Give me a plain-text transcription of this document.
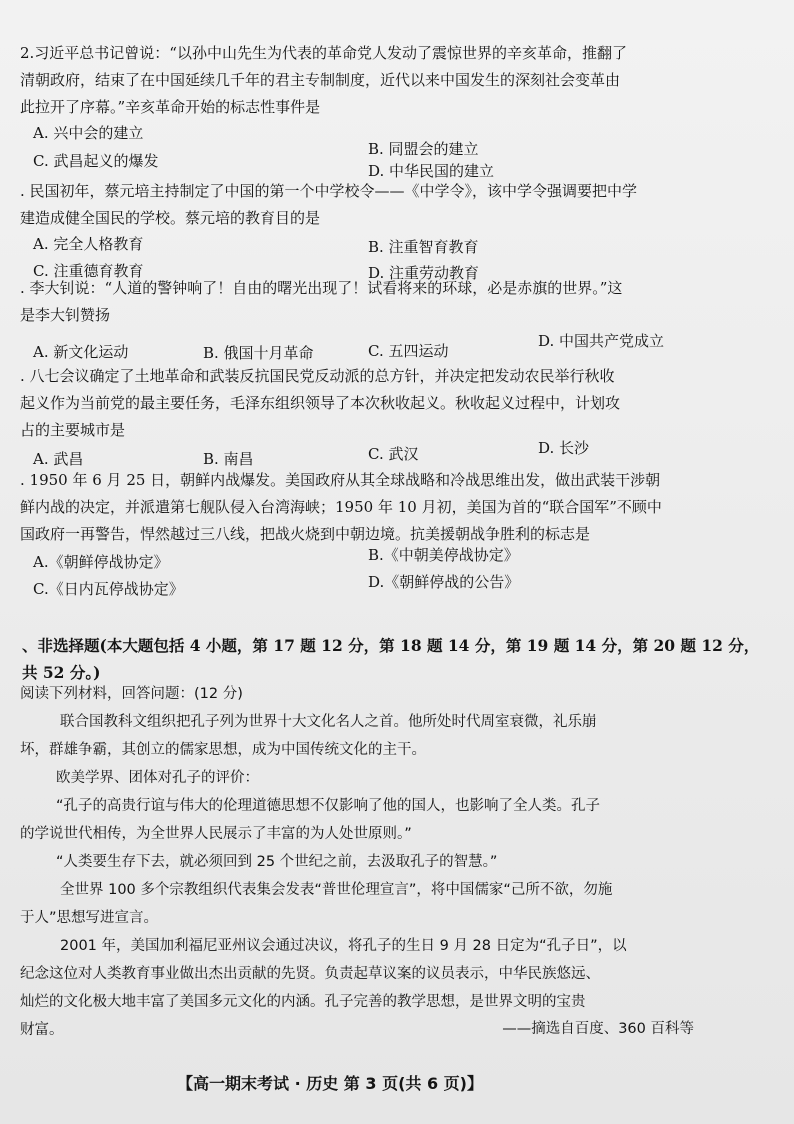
2.习近平总书记曾说：“以孙中山先生为代表的革命党人发动了震惊世界的辛亥革命，推翻了
清朝政府，结束了在中国延续几千年的君主专制制度，近代以来中国发生的深刻社会变革由
此拉开了序幕。”辛亥革命开始的标志性事件是
A. 兴中会的建立
B. 同盟会的建立
C. 武昌起义的爆发
D. 中华民国的建立
. 民国初年，蔡元培主持制定了中国的第一个中学校令——《中学令》，该中学令强调要把中学
建造成健全国民的学校。蔡元培的教育目的是
A. 完全人格教育	B. 注重智育教育
C. 注重德育教育	D. 注重劳动教育
. 李大钊说：“人道的警钟响了！自由的曙光出现了！试看将来的环球，必是赤旗的世界。”这
是李大钊赞扬
A. 新文化运动	B. 俄国十月革命	C. 五四运动
D. 中国共产党成立
. 八七会议确定了土地革命和武装反抗国民党反动派的总方针，并决定把发动农民举行秋收
起义作为当前党的最主要任务，毛泽东组织领导了本次秋收起义。秋收起义过程中，计划攻
占的主要城市是
A. 武昌	B. 南昌	C. 武汉	D. 长沙
. 1950 年 6 月 25 日，朝鲜内战爆发。美国政府从其全球战略和冷战思维出发，做出武装干涉朝
鲜内战的决定，并派遣第七舰队侵入台湾海峡；1950 年 10 月初，美国为首的“联合国军”不顾中
国政府一再警告，悍然越过三八线，把战火烧到中朝边境。抗美援朝战争胜利的标志是
A.《朝鲜停战协定》	B.《中朝美停战协定》
C.《日内瓦停战协定》	D.《朝鲜停战的公告》
、非选择题(本大题包括 4 小题，第 17 题 12 分，第 18 题 14 分，第 19 题 14 分，第 20 题 12 分，
共 52 分。)
阅读下列材料，回答问题：(12 分)
联合国教科文组织把孔子列为世界十大文化名人之首。他所处时代周室衰微，礼乐崩
坏，群雄争霸，其创立的儒家思想，成为中国传统文化的主干。
欧美学界、团体对孔子的评价：
“孔子的高贵行谊与伟大的伦理道德思想不仅影响了他的国人，也影响了全人类。孔子
的学说世代相传，为全世界人民展示了丰富的为人处世原则。”
“人类要生存下去，就必须回到 25 个世纪之前，去汲取孔子的智慧。”
全世界 100 多个宗教组织代表集会发表“普世伦理宣言”，将中国儒家“己所不欲，勿施
于人”思想写进宣言。
2001 年，美国加利福尼亚州议会通过决议，将孔子的生日 9 月 28 日定为“孔子日”，以
纪念这位对人类教育事业做出杰出贡献的先贤。负责起草议案的议员表示，中华民族悠远、
灿烂的文化极大地丰富了美国多元文化的内涵。孔子完善的教学思想，是世界文明的宝贵
财富。	——摘选自百度、360 百科等
【高一期末考试 · 历史 第 3 页(共 6 页)】
